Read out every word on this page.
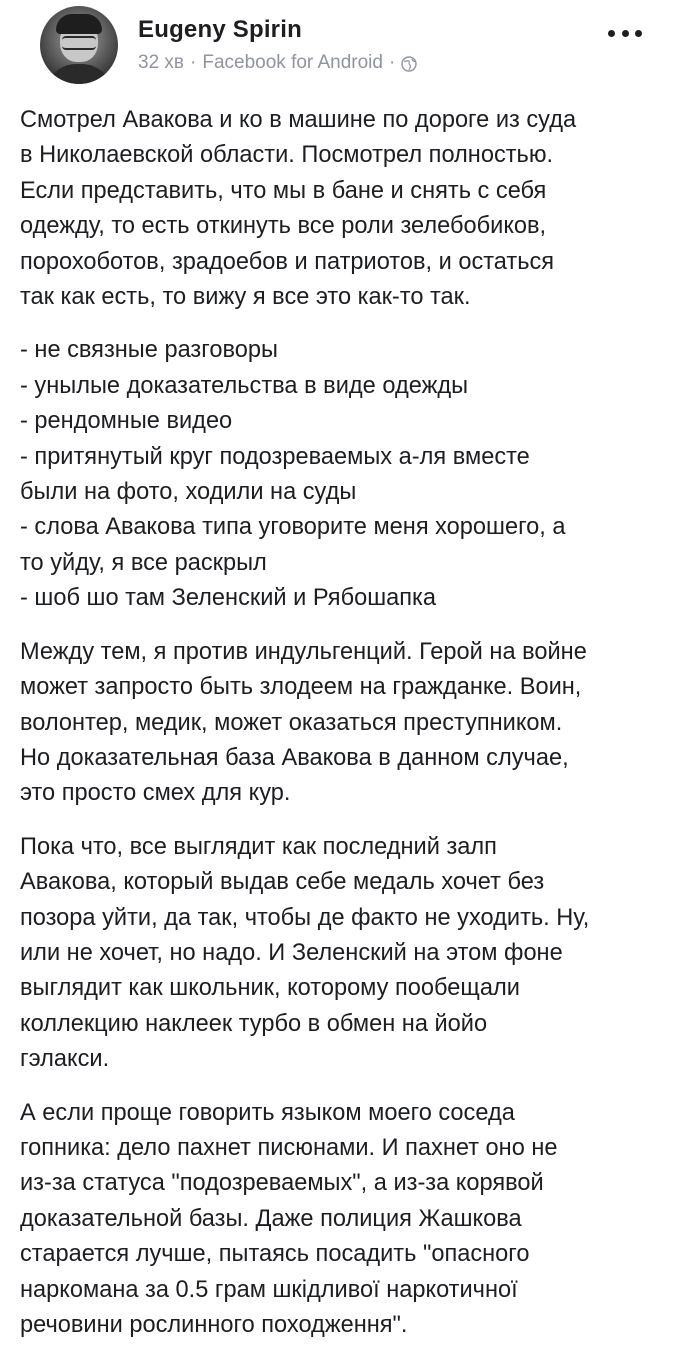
Eugeny Spirin
32 хв · Facebook for Android ·

Смотрел Авакова и ко в машине по дороге из суда
в Николаевской области. Посмотрел полностью.
Если представить, что мы в бане и снять с себя
одежду, то есть откинуть все роли зелебобиков,
порохоботов, зрадоебов и патриотов, и остаться
так как есть, то вижу я все это как-то так.

- не связные разговоры
- унылые доказательства в виде одежды
- рендомные видео
- притянутый круг подозреваемых а-ля вместе
были на фото, ходили на суды
- слова Авакова типа уговорите меня хорошего, а
то уйду, я все раскрыл
- шоб шо там Зеленский и Рябошапка

Между тем, я против индульгенций. Герой на войне
может запросто быть злодеем на гражданке. Воин,
волонтер, медик, может оказаться преступником.
Но доказательная база Авакова в данном случае,
это просто смех для кур.

Пока что, все выглядит как последний залп
Авакова, который выдав себе медаль хочет без
позора уйти, да так, чтобы де факто не уходить. Ну,
или не хочет, но надо. И Зеленский на этом фоне
выглядит как школьник, которому пообещали
коллекцию наклеек турбо в обмен на йойо
гэлакси.

А если проще говорить языком моего соседа
гопника: дело пахнет писюнами. И пахнет оно не
из-за статуса "подозреваемых", а из-за корявой
доказательной базы. Даже полиция Жашкова
старается лучше, пытаясь посадить "опасного
наркомана за 0.5 грам шкідливої наркотичної
речовини рослинного походження".
